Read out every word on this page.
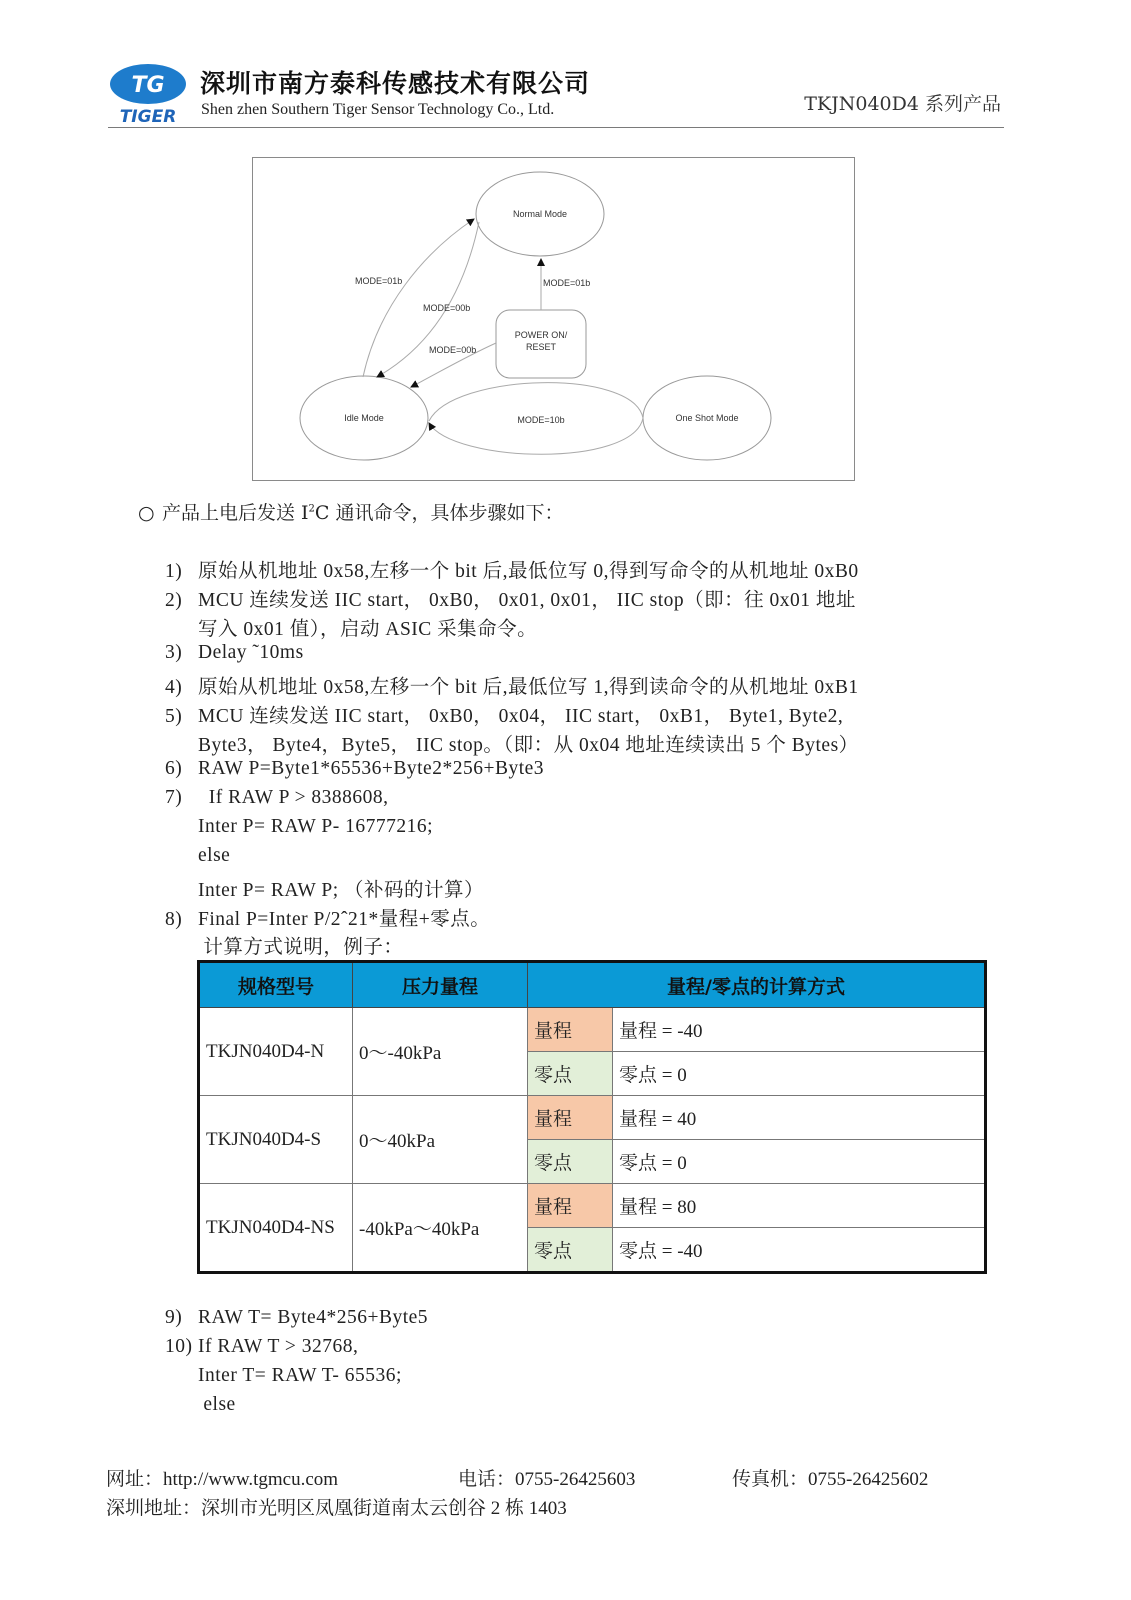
TG
TIGER
深圳市南方泰科传感技术有限公司
Shen zhen Southern Tiger Sensor Technology Co., Ltd.	TKJN040D4 系列产品
Normal Mode
Idle Mode	One Shot Mode
POWER ON/
RESET
MODE=01b
MODE=00b
MODE=00b
MODE=01b
MODE=10b
○ 产品上电后发送 $I^2C$ 通讯命令，具体步骤如下：
1) 原始从机地址 0x58,左移一个 bit 后,最低位写 0,得到写命令的从机地址 0xB0
2) MCU 连续发送 IIC start， 0xB0， 0x01, 0x01， IIC stop（即：往 0x01 地址
写入 0x01 值），启动 ASIC 采集命令。
3) Delay ˜10ms
4) 原始从机地址 0x58,左移一个 bit 后,最低位写 1,得到读命令的从机地址 0xB1
5) MCU 连续发送 IIC start， 0xB0， 0x04， IIC start， 0xB1， Byte1, Byte2,
Byte3， Byte4，Byte5， IIC stop。（即：从 0x04 地址连续读出 5 个 Bytes）
6) RAW P=Byte1*65536+Byte2*256+Byte3
7)  If RAW P > 8388608,
Inter P= RAW P- 16777216;
else
Inter P= RAW P; （补码的计算）
8) Final P=Inter P/2ˆ21*量程+零点。
计算方式说明，例子：
规格型号	压力量程	量程/零点的计算方式	
TKJN040D4-N	0～-40kPa	量程	量程 = -40
		零点	零点 = 0
TKJN040D4-S	0～40kPa	量程	量程 = 40
		零点	零点 = 0
TKJN040D4-NS	-40kPa～40kPa	量程	量程 = 80
		零点	零点 = -40
9) RAW T= Byte4*256+Byte5
10) If RAW T > 32768,
Inter T= RAW T- 65536;
else
网址：http://www.tgmcu.com	电话：0755-26425603	传真机：0755-26425602
深圳地址：深圳市光明区凤凰街道南太云创谷 2 栋 1403
